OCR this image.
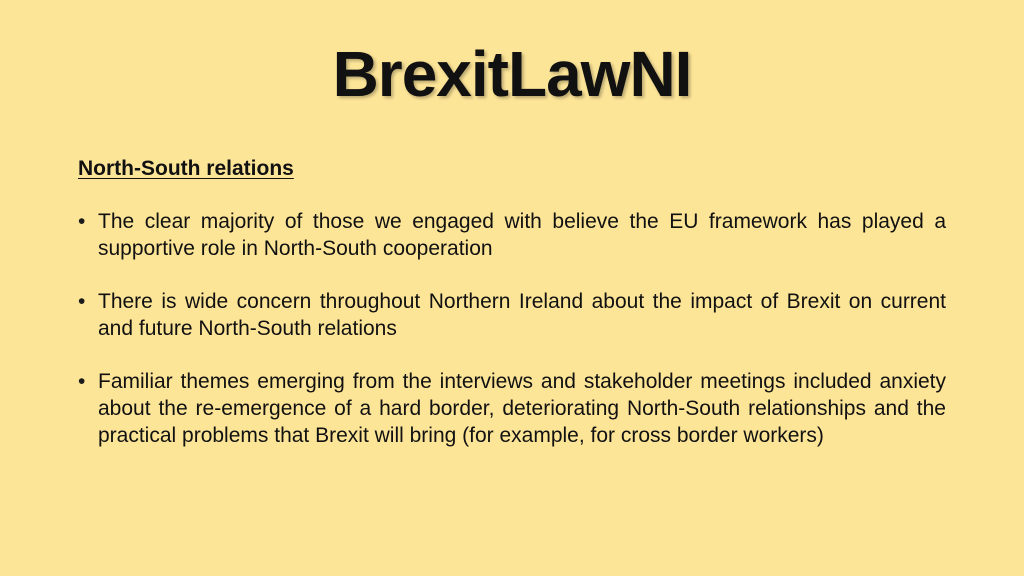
BrexitLawNI
North-South relations
• The clear majority of those we engaged with believe the EU framework has played a supportive role in North-South cooperation
• There is wide concern throughout Northern Ireland about the impact of Brexit on current and future North-South relations
• Familiar themes emerging from the interviews and stakeholder meetings included anxiety about the re-emergence of a hard border, deteriorating North-South relationships and the practical problems that Brexit will bring (for example, for cross border workers)
